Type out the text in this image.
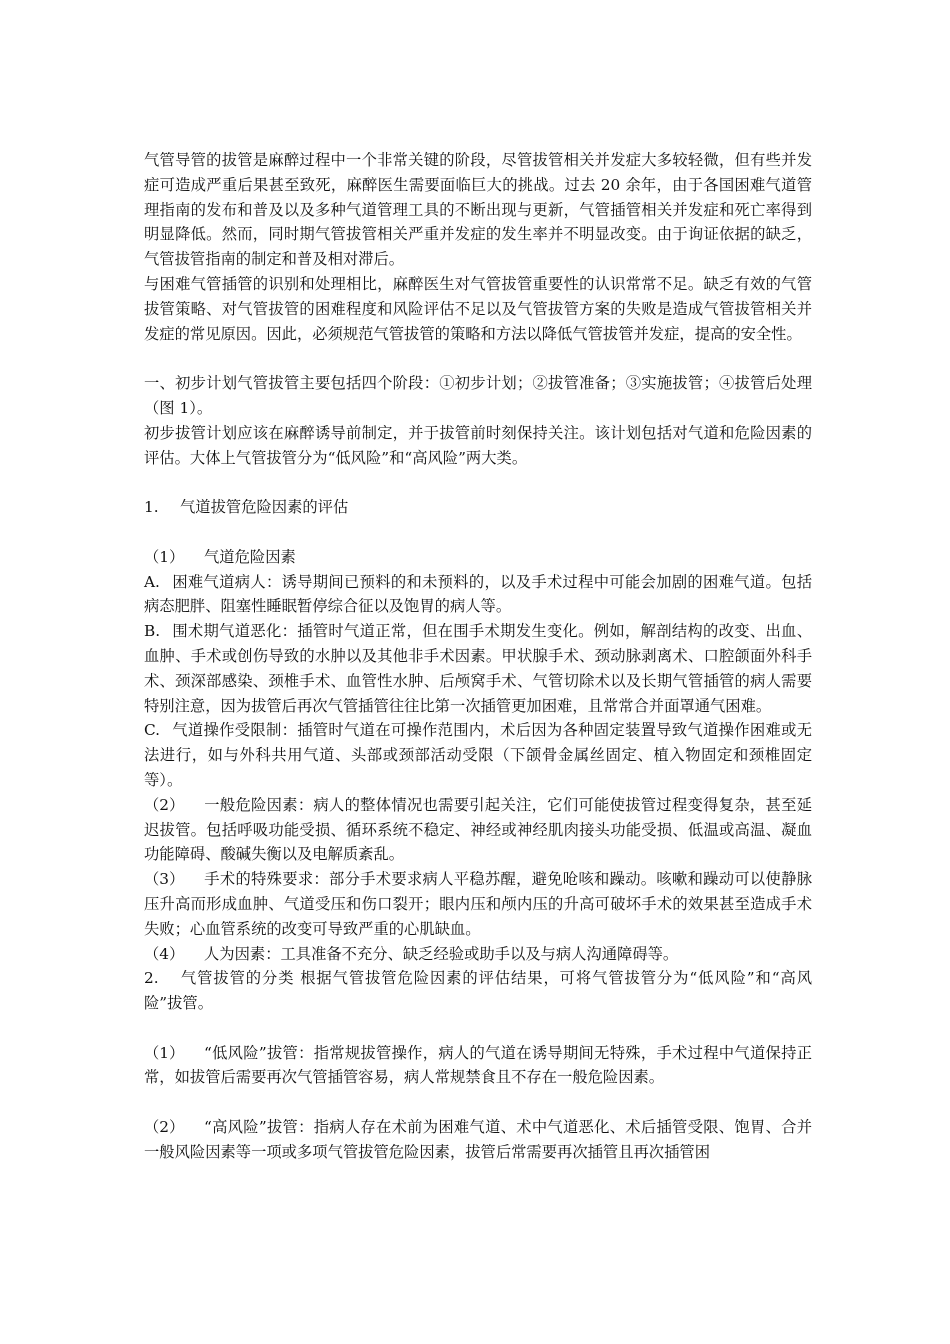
气管导管的拔管是麻醉过程中一个非常关键的阶段，尽管拔管相关并发症大多较轻微，但有些并发症可造成严重后果甚至致死，麻醉医生需要面临巨大的挑战。过去 20 余年，由于各国困难气道管理指南的发布和普及以及多种气道管理工具的不断出现与更新，气管插管相关并发症和死亡率得到明显降低。然而，同时期气管拔管相关严重并发症的发生率并不明显改变。由于询证依据的缺乏，气管拔管指南的制定和普及相对滞后。

与困难气管插管的识别和处理相比，麻醉医生对气管拔管重要性的认识常常不足。缺乏有效的气管拔管策略、对气管拔管的困难程度和风险评估不足以及气管拔管方案的失败是造成气管拔管相关并发症的常见原因。因此，必须规范气管拔管的策略和方法以降低气管拔管并发症，提高的安全性。

一、初步计划气管拔管主要包括四个阶段：①初步计划；②拔管准备；③实施拔管；④拔管后处理（图 1）。

初步拔管计划应该在麻醉诱导前制定，并于拔管前时刻保持关注。该计划包括对气道和危险因素的评估。大体上气管拔管分为“低风险”和“高风险”两大类。

1. 气道拔管危险因素的评估

（1） 气道危险因素

A. 困难气道病人：诱导期间已预料的和未预料的，以及手术过程中可能会加剧的困难气道。包括病态肥胖、阻塞性睡眠暂停综合征以及饱胃的病人等。

B. 围术期气道恶化：插管时气道正常，但在围手术期发生变化。例如，解剖结构的改变、出血、血肿、手术或创伤导致的水肿以及其他非手术因素。甲状腺手术、颈动脉剥离术、口腔颌面外科手术、颈深部感染、颈椎手术、血管性水肿、后颅窝手术、气管切除术以及长期气管插管的病人需要特别注意，因为拔管后再次气管插管往往比第一次插管更加困难，且常常合并面罩通气困难。

C. 气道操作受限制：插管时气道在可操作范围内，术后因为各种固定装置导致气道操作困难或无法进行，如与外科共用气道、头部或颈部活动受限（下颌骨金属丝固定、植入物固定和颈椎固定等）。

（2） 一般危险因素：病人的整体情况也需要引起关注，它们可能使拔管过程变得复杂，甚至延迟拔管。包括呼吸功能受损、循环系统不稳定、神经或神经肌肉接头功能受损、低温或高温、凝血功能障碍、酸碱失衡以及电解质紊乱。

（3） 手术的特殊要求：部分手术要求病人平稳苏醒，避免呛咳和躁动。咳嗽和躁动可以使静脉压升高而形成血肿、气道受压和伤口裂开；眼内压和颅内压的升高可破坏手术的效果甚至造成手术失败；心血管系统的改变可导致严重的心肌缺血。

（4） 人为因素：工具准备不充分、缺乏经验或助手以及与病人沟通障碍等。

2. 气管拔管的分类 根据气管拔管危险因素的评估结果，可将气管拔管分为“低风险”和“高风险”拔管。

（1） “低风险”拔管：指常规拔管操作，病人的气道在诱导期间无特殊，手术过程中气道保持正常，如拔管后需要再次气管插管容易，病人常规禁食且不存在一般危险因素。

（2） “高风险”拔管：指病人存在术前为困难气道、术中气道恶化、术后插管受限、饱胃、合并一般风险因素等一项或多项气管拔管危险因素，拔管后常需要再次插管且再次插管困
